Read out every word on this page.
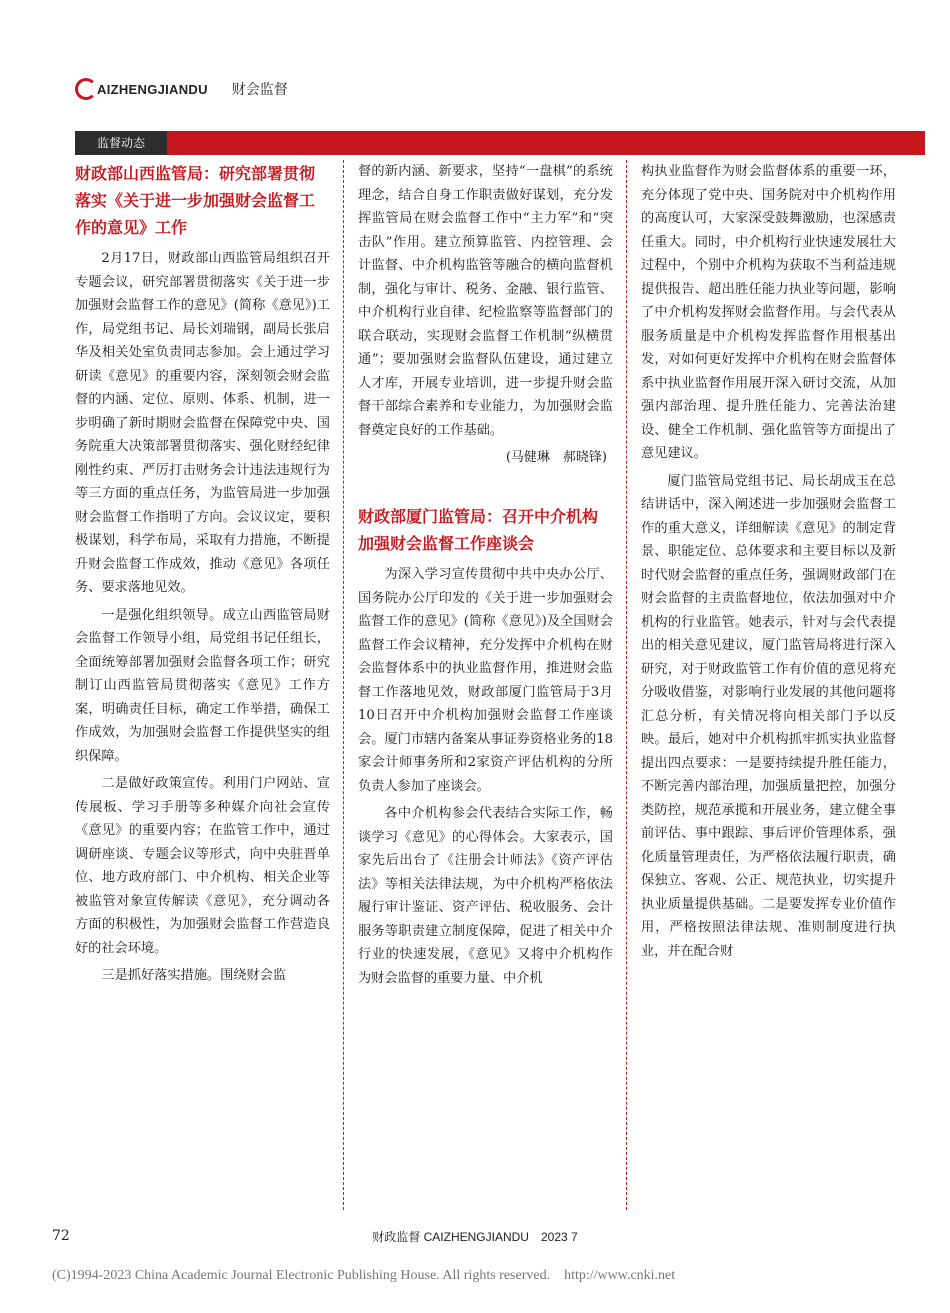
AIZHENGJIANDU 财会监督
监督动态
财政部山西监管局：研究部署贯彻落实《关于进一步加强财会监督工作的意见》工作

2月17日，财政部山西监管局组织召开专题会议，研究部署贯彻落实《关于进一步加强财会监督工作的意见》(简称《意见》)工作，局党组书记、局长刘瑞钢，副局长张启华及相关处室负责同志参加。会上通过学习研读《意见》的重要内容，深刻领会财会监督的内涵、定位、原则、体系、机制，进一步明确了新时期财会监督在保障党中央、国务院重大决策部署贯彻落实、强化财经纪律刚性约束、严厉打击财务会计违法违规行为等三方面的重点任务，为监管局进一步加强财会监督工作指明了方向。会议议定，要积极谋划，科学布局，采取有力措施，不断提升财会监督工作成效，推动《意见》各项任务、要求落地见效。

一是强化组织领导。成立山西监管局财会监督工作领导小组，局党组书记任组长，全面统筹部署加强财会监督各项工作；研究制订山西监管局贯彻落实《意见》工作方案，明确责任目标，确定工作举措，确保工作成效，为加强财会监督工作提供坚实的组织保障。

二是做好政策宣传。利用门户网站、宣传展板、学习手册等多种媒介向社会宣传《意见》的重要内容；在监管工作中，通过调研座谈、专题会议等形式，向中央驻晋单位、地方政府部门、中介机构、相关企业等被监管对象宣传解读《意见》，充分调动各方面的积极性，为加强财会监督工作营造良好的社会环境。

三是抓好落实措施。围绕财会监

督的新内涵、新要求，坚持“一盘棋”的系统理念，结合自身工作职责做好谋划，充分发挥监管局在财会监督工作中“主力军”和“突击队”作用。建立预算监管、内控管理、会计监督、中介机构监管等融合的横向监督机制，强化与审计、税务、金融、银行监管、中介机构行业自律、纪检监察等监督部门的联合联动，实现财会监督工作机制“纵横贯通”；要加强财会监督队伍建设，通过建立人才库，开展专业培训，进一步提升财会监督干部综合素养和专业能力，为加强财会监督奠定良好的工作基础。

(马健琳　郝晓锋)

财政部厦门监管局：召开中介机构加强财会监督工作座谈会

为深入学习宣传贯彻中共中央办公厅、国务院办公厅印发的《关于进一步加强财会监督工作的意见》(简称《意见》)及全国财会监督工作会议精神，充分发挥中介机构在财会监督体系中的执业监督作用，推进财会监督工作落地见效，财政部厦门监管局于3月10日召开中介机构加强财会监督工作座谈会。厦门市辖内备案从事证券资格业务的18家会计师事务所和2家资产评估机构的分所负责人参加了座谈会。

各中介机构参会代表结合实际工作，畅谈学习《意见》的心得体会。大家表示，国家先后出台了《注册会计师法》《资产评估法》等相关法律法规，为中介机构严格依法履行审计鉴证、资产评估、税收服务、会计服务等职责建立制度保障，促进了相关中介行业的快速发展，《意见》又将中介机构作为财会监督的重要力量、中介机

构执业监督作为财会监督体系的重要一环，充分体现了党中央、国务院对中介机构作用的高度认可，大家深受鼓舞激励，也深感责任重大。同时，中介机构行业快速发展壮大过程中，个别中介机构为获取不当利益违规提供报告、超出胜任能力执业等问题，影响了中介机构发挥财会监督作用。与会代表从服务质量是中介机构发挥监督作用根基出发，对如何更好发挥中介机构在财会监督体系中执业监督作用展开深入研讨交流，从加强内部治理、提升胜任能力、完善法治建设、健全工作机制、强化监管等方面提出了意见建议。

厦门监管局党组书记、局长胡成玉在总结讲话中，深入阐述进一步加强财会监督工作的重大意义，详细解读《意见》的制定背景、职能定位、总体要求和主要目标以及新时代财会监督的重点任务，强调财政部门在财会监督的主责监督地位，依法加强对中介机构的行业监管。她表示，针对与会代表提出的相关意见建议，厦门监管局将进行深入研究，对于财政监管工作有价值的意见将充分吸收借鉴，对影响行业发展的其他问题将汇总分析，有关情况将向相关部门予以反映。最后，她对中介机构抓牢抓实执业监督提出四点要求：一是要持续提升胜任能力，不断完善内部治理，加强质量把控，加强分类防控，规范承揽和开展业务，建立健全事前评估、事中跟踪、事后评价管理体系，强化质量管理责任，为严格依法履行职责，确保独立、客观、公正、规范执业，切实提升执业质量提供基础。二是要发挥专业价值作用，严格按照法律法规、准则制度进行执业，并在配合财

72	财政监督 CAIZHENGJIANDU　2023 7
(C)1994-2023 China Academic Journal Electronic Publishing House. All rights reserved.    http://www.cnki.net
